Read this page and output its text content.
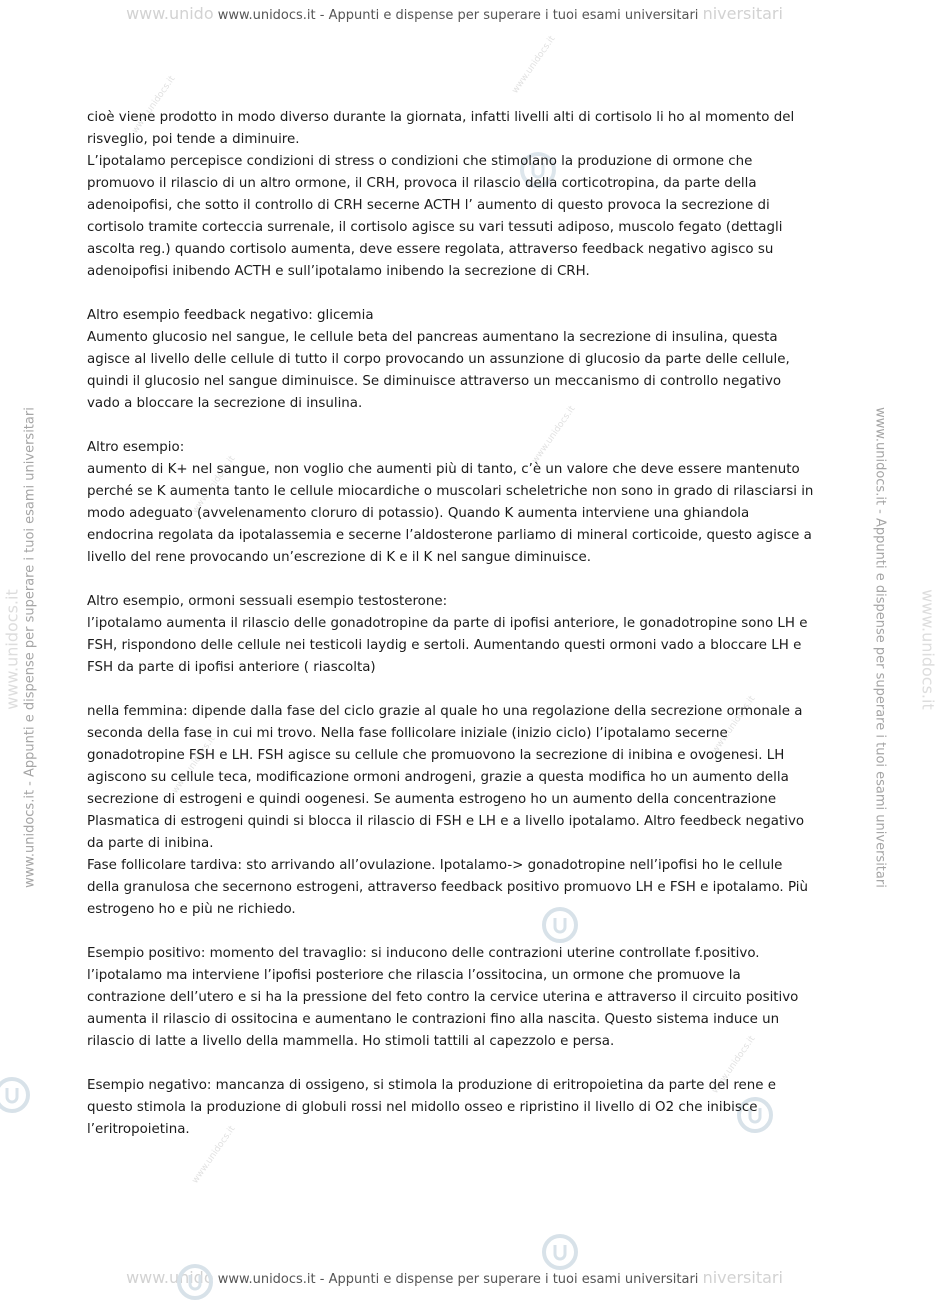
www.unido www.unidocs.it - Appunti e dispense per superare i tuoi esami universitari niversitari
www.unido www.unidocs.it - Appunti e dispense per superare i tuoi esami universitari niversitari
www.unidocs.it www.unidocs.it - Appunti e dispense per superare i tuoi esami universitari	www.unidocs.it - Appunti e dispense per superare i tuoi esami universitari www.unidocs.it
www.unidocs.it
www.unidocs.it
www.unidocs.it
www.unidocs.it
www.unidocs.it
www.unidocs.it
www.unidocs.it
www.unidocs.it

cioè viene prodotto in modo diverso durante la giornata, infatti livelli alti di cortisolo li ho al momento del

risveglio, poi tende a diminuire.

L’ipotalamo percepisce condizioni di stress o condizioni che stimolano la produzione di ormone che

promuovo il rilascio di un altro ormone, il CRH, provoca il rilascio della corticotropina, da parte della

adenoipofisi, che sotto il controllo di CRH secerne ACTH l’ aumento di questo provoca la secrezione di

cortisolo tramite corteccia surrenale, il cortisolo agisce su vari tessuti adiposo, muscolo fegato (dettagli

ascolta reg.) quando cortisolo aumenta, deve essere regolata, attraverso feedback negativo agisco su

adenoipofisi inibendo ACTH e sull’ipotalamo inibendo la secrezione di CRH.

Altro esempio feedback negativo: glicemia

Aumento glucosio nel sangue, le cellule beta del pancreas aumentano la secrezione di insulina, questa

agisce al livello delle cellule di tutto il corpo provocando un assunzione di glucosio da parte delle cellule,

quindi il glucosio nel sangue diminuisce. Se diminuisce attraverso un meccanismo di controllo negativo

vado a bloccare la secrezione di insulina.

Altro esempio:

aumento di K+ nel sangue, non voglio che aumenti più di tanto, c’è un valore che deve essere mantenuto

perché se K aumenta tanto le cellule miocardiche o muscolari scheletriche non sono in grado di rilasciarsi in

modo adeguato (avvelenamento cloruro di potassio). Quando K aumenta interviene una ghiandola

endocrina regolata da ipotalassemia e secerne l’aldosterone parliamo di mineral corticoide, questo agisce a

livello del rene provocando un’escrezione di K e il K nel sangue diminuisce.

Altro esempio, ormoni sessuali esempio testosterone:

l’ipotalamo aumenta il rilascio delle gonadotropine da parte di ipofisi anteriore, le gonadotropine sono LH e

FSH, rispondono delle cellule nei testicoli laydig e sertoli. Aumentando questi ormoni vado a bloccare LH e

FSH da parte di ipofisi anteriore ( riascolta)

nella femmina: dipende dalla fase del ciclo grazie al quale ho una regolazione della secrezione ormonale a

seconda della fase in cui mi trovo. Nella fase follicolare iniziale (inizio ciclo) l’ipotalamo secerne

gonadotropine FSH e LH. FSH agisce su cellule che promuovono la secrezione di inibina e ovogenesi. LH

agiscono su cellule teca, modificazione ormoni androgeni, grazie a questa modifica ho un aumento della

secrezione di estrogeni e quindi oogenesi. Se aumenta estrogeno ho un aumento della concentrazione

Plasmatica di estrogeni quindi si blocca il rilascio di FSH e LH e a livello ipotalamo. Altro feedbeck negativo

da parte di inibina.

Fase follicolare tardiva: sto arrivando all’ovulazione. Ipotalamo-> gonadotropine nell’ipofisi ho le cellule

della granulosa che secernono estrogeni, attraverso feedback positivo promuovo LH e FSH e ipotalamo. Più

estrogeno ho e più ne richiedo.

Esempio positivo: momento del travaglio: si inducono delle contrazioni uterine controllate f.positivo.

l’ipotalamo ma interviene l’ipofisi posteriore che rilascia l’ossitocina, un ormone che promuove la

contrazione dell’utero e si ha la pressione del feto contro la cervice uterina e attraverso il circuito positivo

aumenta il rilascio di ossitocina e aumentano le contrazioni fino alla nascita. Questo sistema induce un

rilascio di latte a livello della mammella. Ho stimoli tattili al capezzolo e persa.

Esempio negativo: mancanza di ossigeno, si stimola la produzione di eritropoietina da parte del rene e

questo stimola la produzione di globuli rossi nel midollo osseo e ripristino il livello di O2 che inibisce

l’eritropoietina.
